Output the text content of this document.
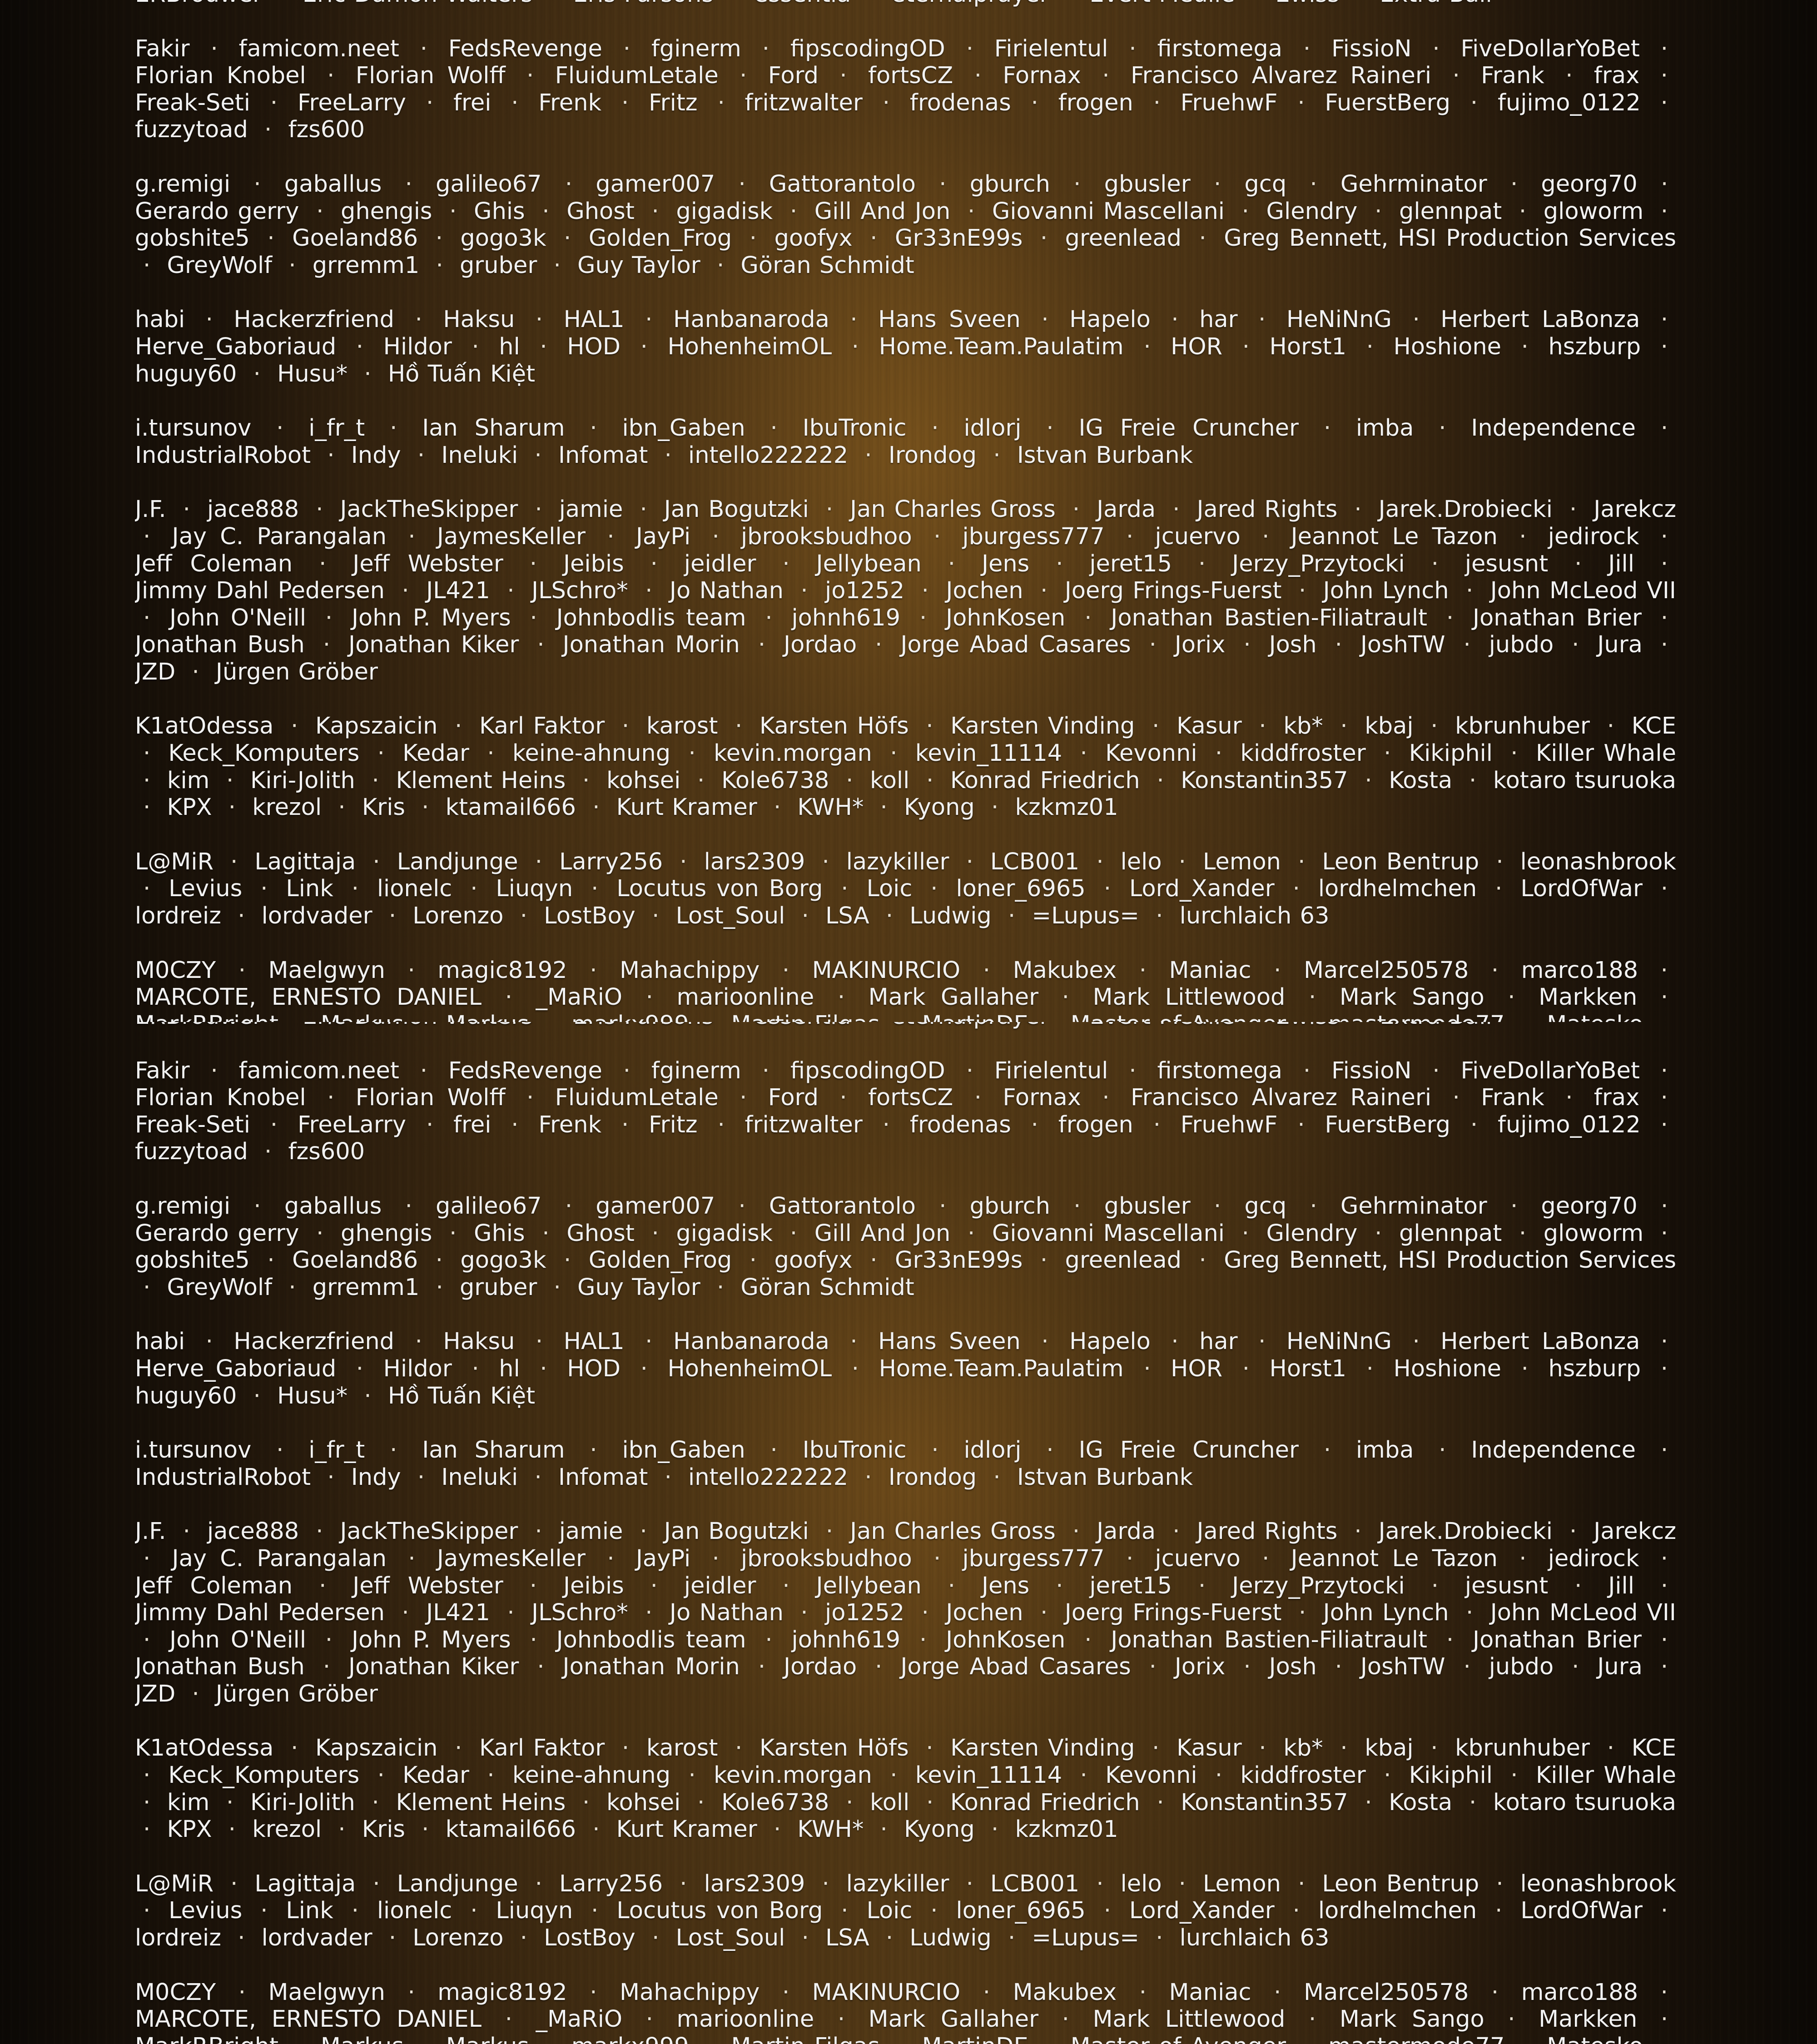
Fakir · famicom.neet · FedsRevenge · fginerm · fipscodingOD · Firielentul · firstomega · FissioN · FiveDollarYoBet · Florian Knobel · Florian Wolff · FluidumLetale · Ford · fortsCZ · Fornax · Francisco Alvarez Raineri · Frank · frax · Freak-Seti · FreeLarry · frei · Frenk · Fritz · fritzwalter · frodenas · frogen · FruehwF · FuerstBerg · fujimo_0122 · fuzzytoad · fzs600

g.remigi · gaballus · galileo67 · gamer007 · Gattorantolo · gburch · gbusler · gcq · Gehrminator · georg70 · Gerardo gerry · ghengis · Ghis · Ghost · gigadisk · Gill And Jon · Giovanni Mascellani · Glendry · glennpat · gloworm · gobshite5 · Goeland86 · gogo3k · Golden_Frog · goofyx · Gr33nE99s · greenlead · Greg Bennett, HSI Production Services · GreyWolf · grremm1 · gruber · Guy Taylor · Göran Schmidt

habi · Hackerzfriend · Haksu · HAL1 · Hanbanaroda · Hans Sveen · Hapelo · har · HeNiNnG · Herbert LaBonza · Herve_Gaboriaud · Hildor · hl · HOD · HohenheimOL · Home.Team.Paulatim · HOR · Horst1 · Hoshione · hszburp · huguy60 · Husu* · Hồ Tuấn Kiệt

i.tursunov · i_fr_t · Ian Sharum · ibn_Gaben · IbuTronic · idlorj · IG Freie Cruncher · imba · Independence · IndustrialRobot · Indy · Ineluki · Infomat · intello222222 · Irondog · Istvan Burbank

J.F. · jace888 · JackTheSkipper · jamie · Jan Bogutzki · Jan Charles Gross · Jarda · Jared Rights · Jarek.Drobiecki · Jarekcz · Jay C. Parangalan · JaymesKeller · JayPi · jbrooksbudhoo · jburgess777 · jcuervo · Jeannot Le Tazon · jedirock · Jeff Coleman · Jeff Webster · Jeibis · jeidler · Jellybean · Jens · jeret15 · Jerzy_Przytocki · jesusnt · Jill · Jimmy Dahl Pedersen · JL421 · JLSchro* · Jo Nathan · jo1252 · Jochen · Joerg Frings-Fuerst · John Lynch · John McLeod VII · John O'Neill · John P. Myers · Johnbodlis team · johnh619 · JohnKosen · Jonathan Bastien-Filiatrault · Jonathan Brier · Jonathan Bush · Jonathan Kiker · Jonathan Morin · Jordao · Jorge Abad Casares · Jorix · Josh · JoshTW · jubdo · Jura · JZD · Jürgen Gröber

K1atOdessa · Kapszaicin · Karl Faktor · karost · Karsten Höfs · Karsten Vinding · Kasur · kb* · kbaj · kbrunhuber · KCE · Keck_Komputers · Kedar · keine-ahnung · kevin.morgan · kevin_11114 · Kevonni · kiddfroster · Kikiphil · Killer Whale · kim · Kiri-Jolith · Klement Heins · kohsei · Kole6738 · koll · Konrad Friedrich · Konstantin357 · Kosta · kotaro tsuruoka · KPX · krezol · Kris · ktamail666 · Kurt Kramer · KWH* · Kyong · kzkmz01

L@MiR · Lagittaja · Landjunge · Larry256 · lars2309 · lazykiller · LCB001 · lelo · Lemon · Leon Bentrup · leonashbrook · Levius · Link · lionelc · Liuqyn · Locutus von Borg · Loic · loner_6965 · Lord_Xander · lordhelmchen · LordOfWar · lordreiz · lordvader · Lorenzo · LostBoy · Lost_Soul · LSA · Ludwig · =Lupus= · lurchlaich 63

M0CZY · Maelgwyn · magic8192 · Mahachippy · MAKINURCIO · Makubex · Maniac · Marcel250578 · marco188 · MARCOTE, ERNESTO DANIEL · _MaRiO · marioonline · Mark Gallaher · Mark Littlewood · Mark Sango · Markken ·

Fakir · famicom.neet · FedsRevenge · fginerm · fipscodingOD · Firielentul · firstomega · FissioN · FiveDollarYoBet · Florian Knobel · Florian Wolff · FluidumLetale · Ford · fortsCZ · Fornax · Francisco Alvarez Raineri · Frank · frax · Freak-Seti · FreeLarry · frei · Frenk · Fritz · fritzwalter · frodenas · frogen · FruehwF · FuerstBerg · fujimo_0122 · fuzzytoad · fzs600

g.remigi · gaballus · galileo67 · gamer007 · Gattorantolo · gburch · gbusler · gcq · Gehrminator · georg70 · Gerardo gerry · ghengis · Ghis · Ghost · gigadisk · Gill And Jon · Giovanni Mascellani · Glendry · glennpat · gloworm · gobshite5 · Goeland86 · gogo3k · Golden_Frog · goofyx · Gr33nE99s · greenlead · Greg Bennett, HSI Production Services · GreyWolf · grremm1 · gruber · Guy Taylor · Göran Schmidt

habi · Hackerzfriend · Haksu · HAL1 · Hanbanaroda · Hans Sveen · Hapelo · har · HeNiNnG · Herbert LaBonza · Herve_Gaboriaud · Hildor · hl · HOD · HohenheimOL · Home.Team.Paulatim · HOR · Horst1 · Hoshione · hszburp · huguy60 · Husu* · Hồ Tuấn Kiệt

i.tursunov · i_fr_t · Ian Sharum · ibn_Gaben · IbuTronic · idlorj · IG Freie Cruncher · imba · Independence · IndustrialRobot · Indy · Ineluki · Infomat · intello222222 · Irondog · Istvan Burbank

J.F. · jace888 · JackTheSkipper · jamie · Jan Bogutzki · Jan Charles Gross · Jarda · Jared Rights · Jarek.Drobiecki · Jarekcz · Jay C. Parangalan · JaymesKeller · JayPi · jbrooksbudhoo · jburgess777 · jcuervo · Jeannot Le Tazon · jedirock · Jeff Coleman · Jeff Webster · Jeibis · jeidler · Jellybean · Jens · jeret15 · Jerzy_Przytocki · jesusnt · Jill · Jimmy Dahl Pedersen · JL421 · JLSchro* · Jo Nathan · jo1252 · Jochen · Joerg Frings-Fuerst · John Lynch · John McLeod VII · John O'Neill · John P. Myers · Johnbodlis team · johnh619 · JohnKosen · Jonathan Bastien-Filiatrault · Jonathan Brier · Jonathan Bush · Jonathan Kiker · Jonathan Morin · Jordao · Jorge Abad Casares · Jorix · Josh · JoshTW · jubdo · Jura · JZD · Jürgen Gröber

K1atOdessa · Kapszaicin · Karl Faktor · karost · Karsten Höfs · Karsten Vinding · Kasur · kb* · kbaj · kbrunhuber · KCE · Keck_Komputers · Kedar · keine-ahnung · kevin.morgan · kevin_11114 · Kevonni · kiddfroster · Kikiphil · Killer Whale · kim · Kiri-Jolith · Klement Heins · kohsei · Kole6738 · koll · Konrad Friedrich · Konstantin357 · Kosta · kotaro tsuruoka · KPX · krezol · Kris · ktamail666 · Kurt Kramer · KWH* · Kyong · kzkmz01

L@MiR · Lagittaja · Landjunge · Larry256 · lars2309 · lazykiller · LCB001 · lelo · Lemon · Leon Bentrup · leonashbrook · Levius · Link · lionelc · Liuqyn · Locutus von Borg · Loic · loner_6965 · Lord_Xander · lordhelmchen · LordOfWar · lordreiz · lordvader · Lorenzo · LostBoy · Lost_Soul · LSA · Ludwig · =Lupus= · lurchlaich 63

M0CZY · Maelgwyn · magic8192 · Mahachippy · MAKINURCIO · Makubex · Maniac · Marcel250578 · marco188 · MARCOTE, ERNESTO DANIEL · _MaRiO · marioonline · Mark Gallaher · Mark Littlewood · Mark Sango · Markken ·
